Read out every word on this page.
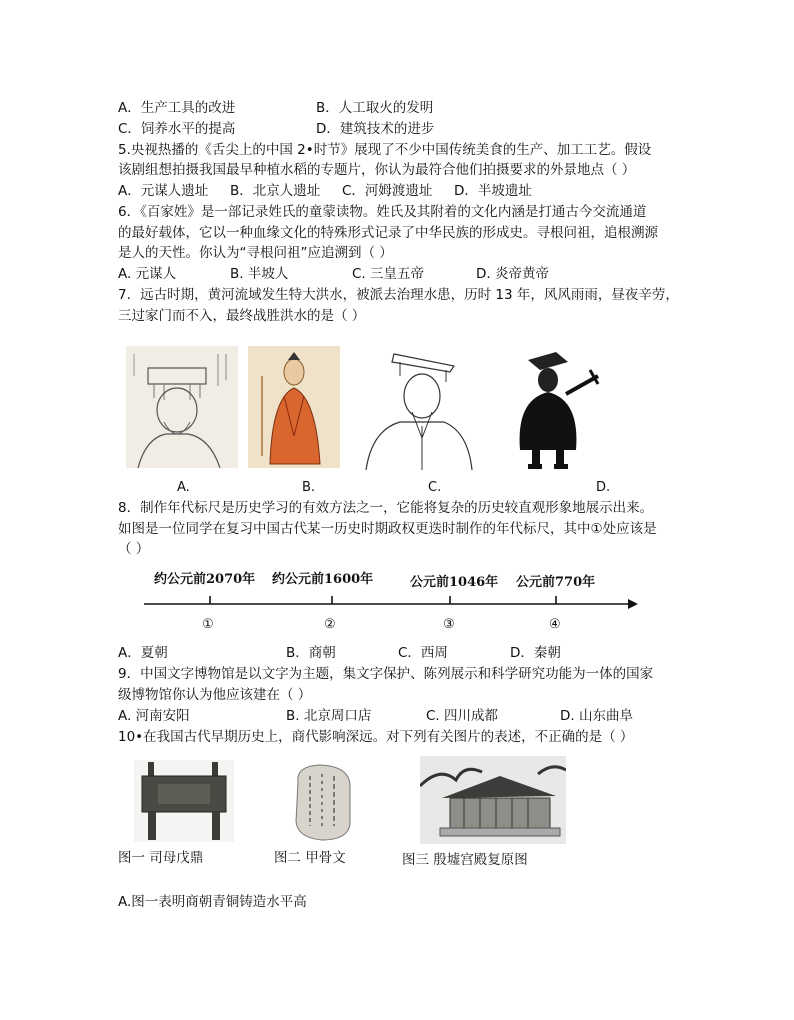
A．生产工具的改进	B．人工取火的发明
C．饲养水平的提高	D．建筑技术的进步
5.央视热播的《舌尖上的中国 2•时节》展现了不少中国传统美食的生产、加工工艺。假设
该剧组想拍摄我国最早种植水稻的专题片，你认为最符合他们拍摄要求的外景地点（ ）
A．元谋人遗址 B．北京人遗址 C．河姆渡遗址 D．半坡遗址
6．《百家姓》是一部记录姓氏的童蒙读物。姓氏及其附着的文化内涵是打通古今交流通道
的最好载体，它以一种血缘文化的特殊形式记录了中华民族的形成史。寻根问祖，追根溯源
是人的天性。你认为“寻根问祖”应追溯到（ ）
A. 元谋人	B. 半坡人	C. 三皇五帝	D. 炎帝黄帝
7．远古时期，黄河流域发生特大洪水，被派去治理水患，历时 13 年，风风雨雨，昼夜辛劳，
三过家门而不入，最终战胜洪水的是（ ）
A.	B.	C.	D.
8．制作年代标尺是历史学习的有效方法之一，它能将复杂的历史较直观形象地展示出来。
如图是一位同学在复习中国古代某一历史时期政权更迭时制作的年代标尺，其中①处应该是
（ ）
约公元前2070年 约公元前1600年	公元前1046年 公元前770年
①	②	③	④
A．夏朝	B．商朝	C．西周	D．秦朝
9．中国文字博物馆是以文字为主题，集文字保护、陈列展示和科学研究功能为一体的国家
级博物馆你认为他应该建在（ ）
A. 河南安阳	B. 北京周口店	C. 四川成都	D. 山东曲阜
10•在我国古代早期历史上，商代影响深远。对下列有关图片的表述，不正确的是（ ）
图一 司母戊鼎	图二 甲骨文	图三 殷墟宫殿复原图
A.图一表明商朝青铜铸造水平高
